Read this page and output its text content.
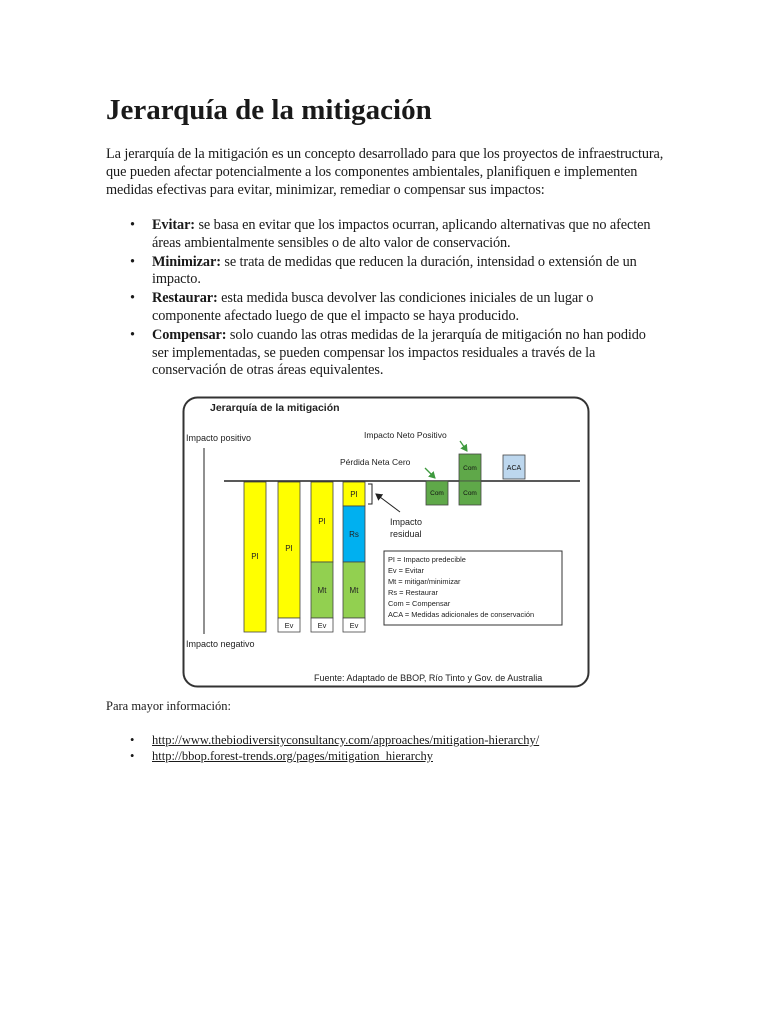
Jerarquía de la mitigación

La jerarquía de la mitigación es un concepto desarrollado para que los proyectos de infraestructura, que pueden afectar potencialmente a los componentes ambientales, planifiquen e implementen medidas efectivas para evitar, minimizar, remediar o compensar sus impactos:

• Evitar: se basa en evitar que los impactos ocurran, aplicando alternativas que no afecten áreas ambientalmente sensibles o de alto valor de conservación.
• Minimizar: se trata de medidas que reducen la duración, intensidad o extensión de un impacto.
• Restaurar: esta medida busca devolver las condiciones iniciales de un lugar o componente afectado luego de que el impacto se haya producido.
• Compensar: solo cuando las otras medidas de la jerarquía de mitigación no han podido ser implementadas, se pueden compensar los impactos residuales a través de la conservación de otras áreas equivalentes.
Jerarquía de la mitigación
Impacto positivo
Impacto negativo
PI
PI
Ev
PI
Mt
Ev
PI
Rs
Mt
Ev
Impacto
residual
Com
Com
Com
ACA
Impacto Neto Positivo
Pérdida Neta Cero
PI = Impacto predecible
Ev = Evitar
Mt = mitigar/minimizar
Rs = Restaurar
Com = Compensar
ACA = Medidas adicionales de conservación
Fuente: Adaptado de BBOP, Río Tinto y Gov. de Australia

Para mayor información:

• http://www.thebiodiversityconsultancy.com/approaches/mitigation-hierarchy/
• http://bbop.forest-trends.org/pages/mitigation_hierarchy
